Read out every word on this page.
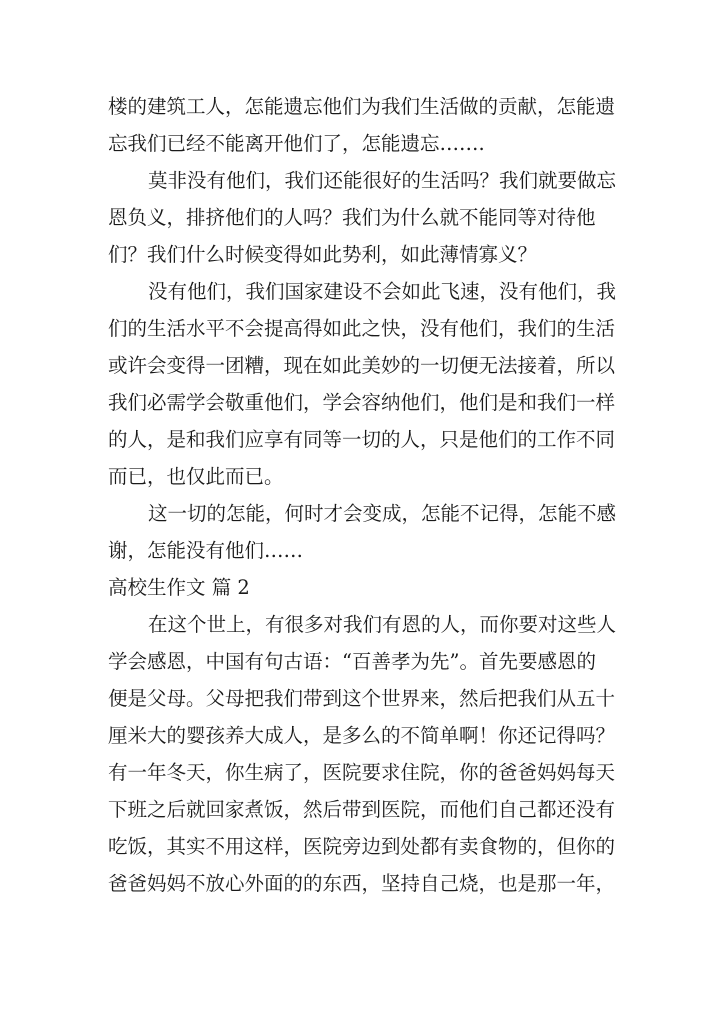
楼的建筑工人，怎能遗忘他们为我们生活做的贡献，怎能遗
忘我们已经不能离开他们了，怎能遗忘…….
莫非没有他们，我们还能很好的生活吗？我们就要做忘
恩负义，排挤他们的人吗？我们为什么就不能同等对待他
们？我们什么时候变得如此势利，如此薄情寡义？
没有他们，我们国家建设不会如此飞速，没有他们，我
们的生活水平不会提高得如此之快，没有他们，我们的生活
或许会变得一团糟，现在如此美妙的一切便无法接着，所以
我们必需学会敬重他们，学会容纳他们，他们是和我们一样
的人，是和我们应享有同等一切的人，只是他们的工作不同
而已，也仅此而已。
这一切的怎能，何时才会变成，怎能不记得，怎能不感
谢，怎能没有他们……
高校生作文 篇 2
在这个世上，有很多对我们有恩的人，而你要对这些人
学会感恩，中国有句古语：“百善孝为先”。首先要感恩的
便是父母。父母把我们带到这个世界来，然后把我们从五十
厘米大的婴孩养大成人，是多么的不简单啊！你还记得吗？
有一年冬天，你生病了，医院要求住院，你的爸爸妈妈每天
下班之后就回家煮饭，然后带到医院，而他们自己都还没有
吃饭，其实不用这样，医院旁边到处都有卖食物的，但你的
爸爸妈妈不放心外面的的东西，坚持自己烧，也是那一年，
